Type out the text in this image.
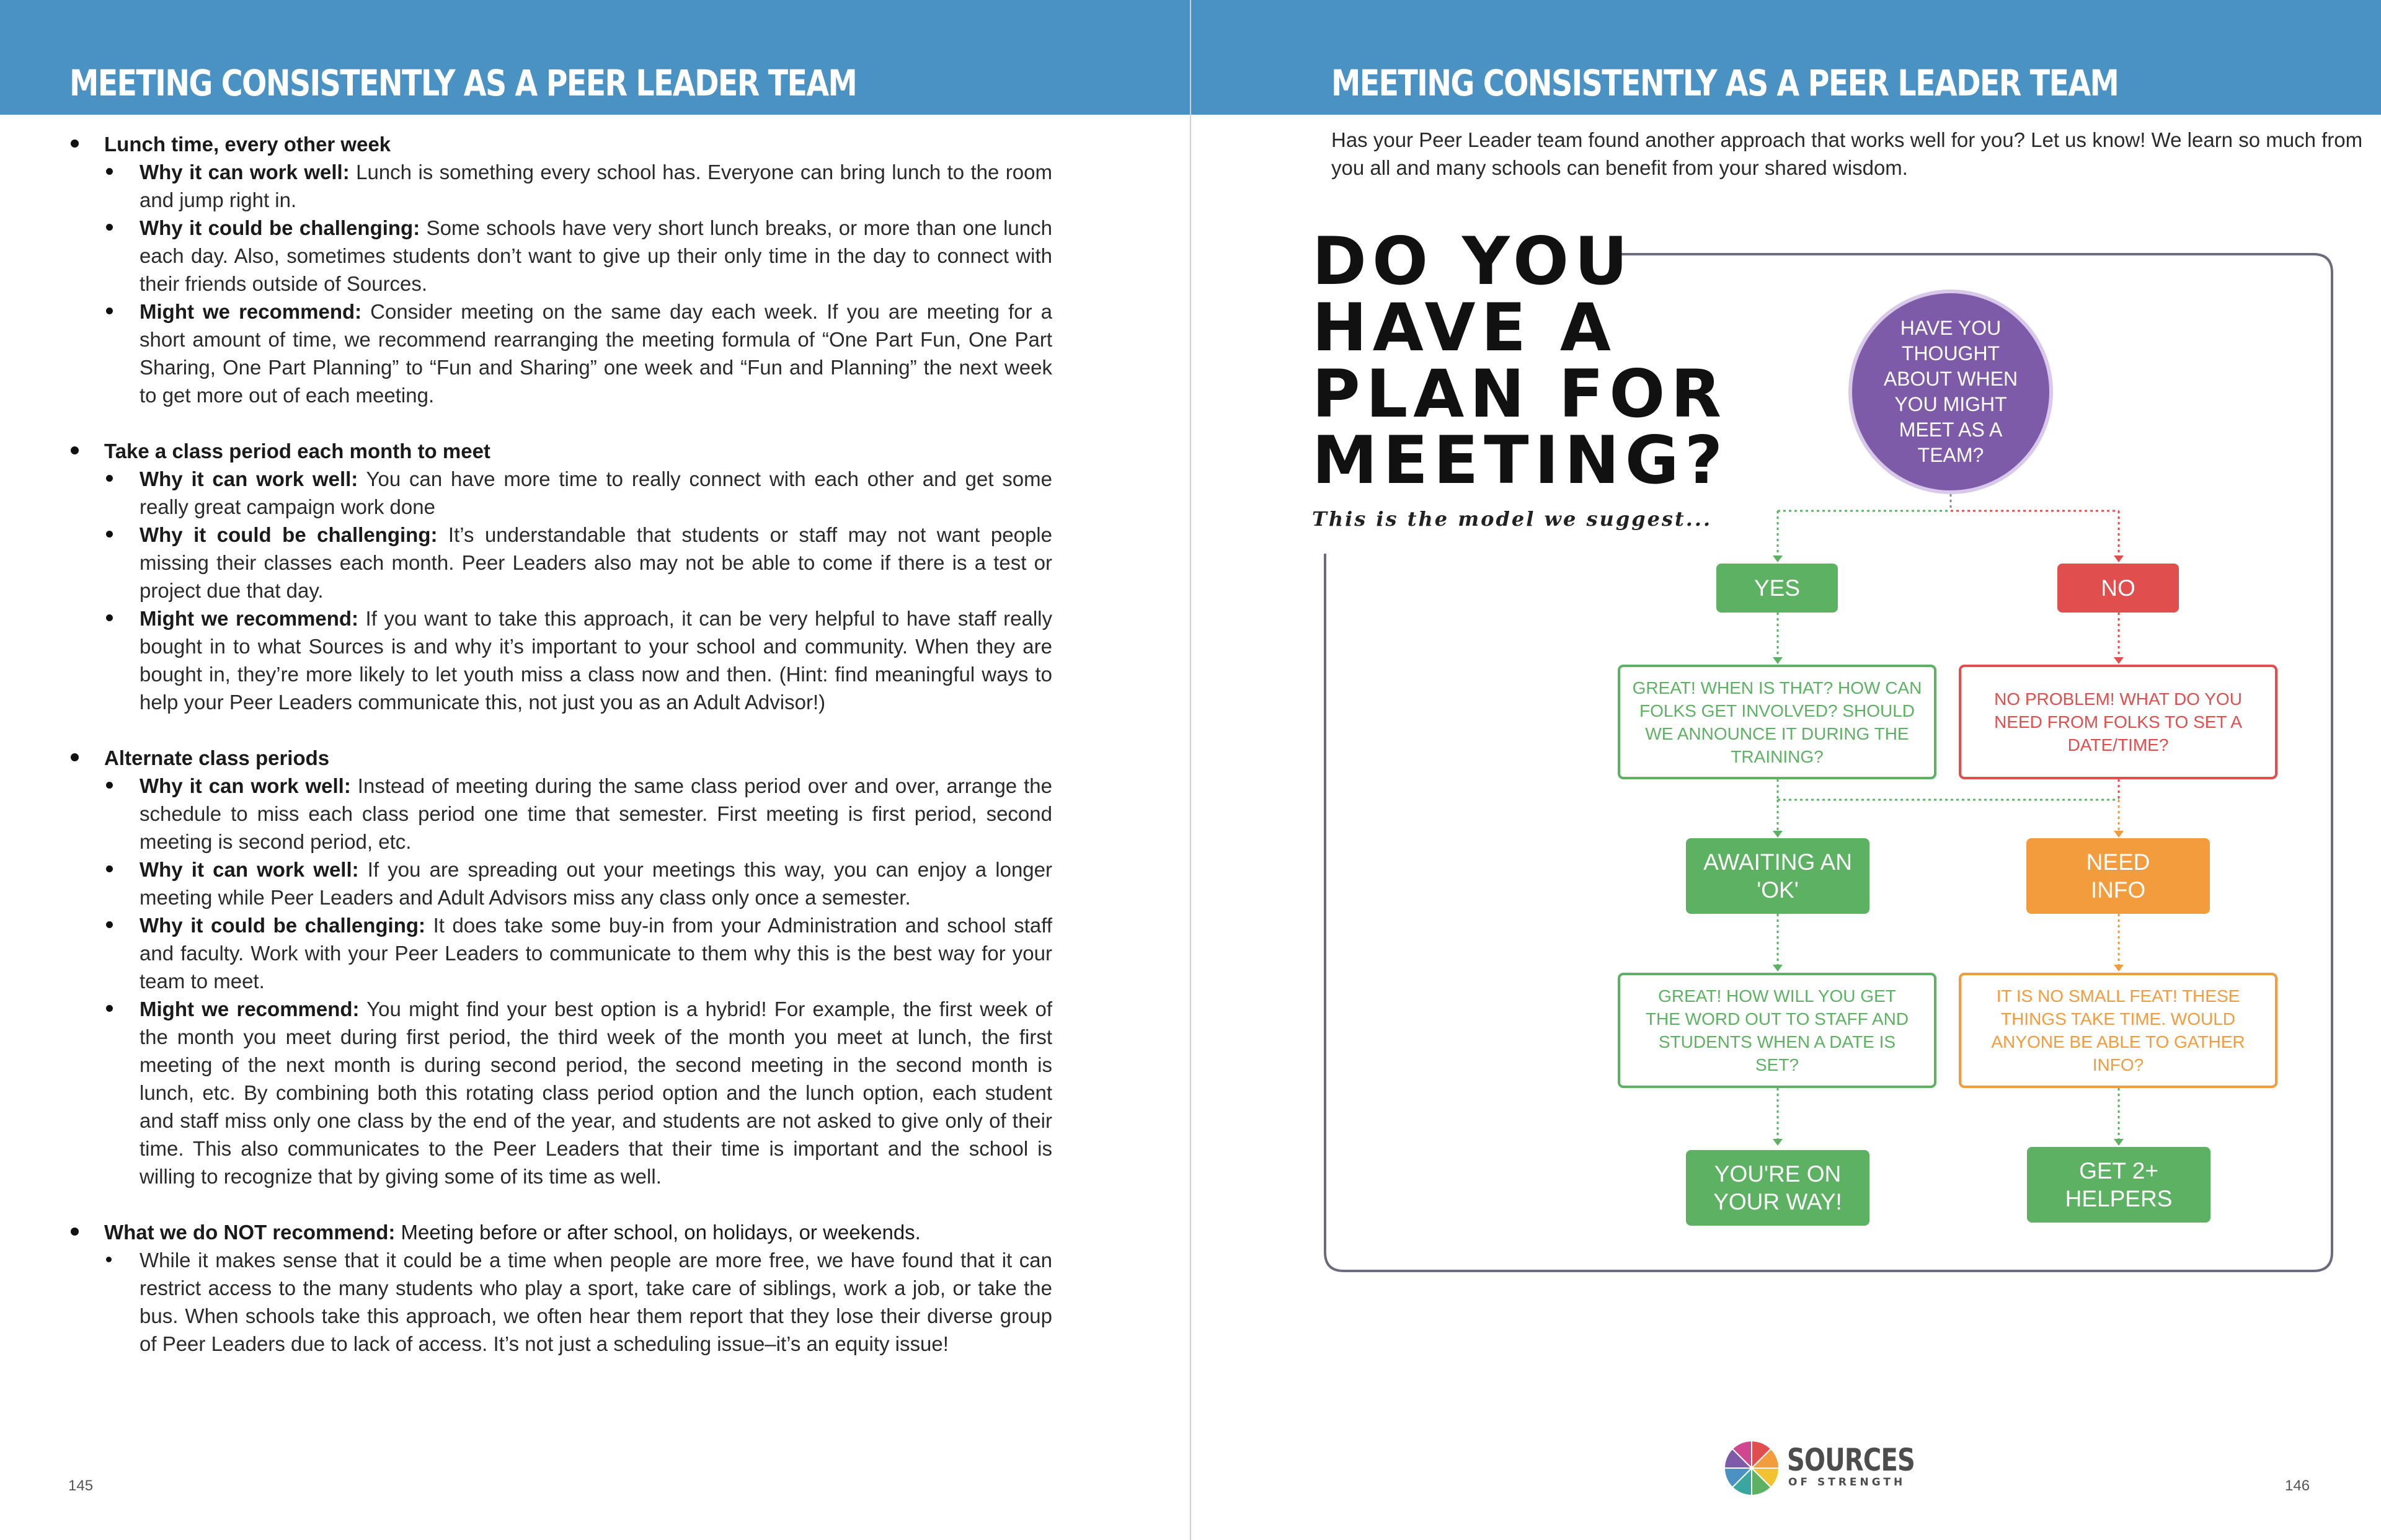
MEETING CONSISTENTLY AS A PEER LEADER TEAM
Lunch time, every other week
Why it can work well: Lunch is something every school has. Everyone can bring lunch to the room and jump right in.
Why it could be challenging: Some schools have very short lunch breaks, or more than one lunch each day. Also, sometimes students don’t want to give up their only time in the day to connect with their friends outside of Sources.
Might we recommend: Consider meeting on the same day each week. If you are meeting for a short amount of time, we recommend rearranging the meeting formula of “One Part Fun, One Part Sharing, One Part Planning” to “Fun and Sharing” one week and “Fun and Planning” the next week to get more out of each meeting.
Take a class period each month to meet
Why it can work well: You can have more time to really connect with each other and get some really great campaign work done
Why it could be challenging: It’s understandable that students or staff may not want people missing their classes each month. Peer Leaders also may not be able to come if there is a test or project due that day.
Might we recommend: If you want to take this approach, it can be very helpful to have staff really bought in to what Sources is and why it’s important to your school and community. When they are bought in, they’re more likely to let youth miss a class now and then. (Hint: find meaningful ways to help your Peer Leaders communicate this, not just you as an Adult Advisor!)
Alternate class periods
Why it can work well: Instead of meeting during the same class period over and over, arrange the schedule to miss each class period one time that semester. First meeting is first period, second meeting is second period, etc.
Why it can work well: If you are spreading out your meetings this way, you can enjoy a longer meeting while Peer Leaders and Adult Advisors miss any class only once a semester.
Why it could be challenging: It does take some buy-in from your Administration and school staff and faculty. Work with your Peer Leaders to communicate to them why this is the best way for your team to meet.
Might we recommend: You might find your best option is a hybrid! For example, the first week of the month you meet during first period, the third week of the month you meet at lunch, the first meeting of the next month is during second period, the second meeting in the second month is lunch, etc. By combining both this rotating class period option and the lunch option, each student and staff miss only one class by the end of the year, and students are not asked to give only of their time. This also communicates to the Peer Leaders that their time is important and the school is willing to recognize that by giving some of its time as well.
What we do NOT recommend: Meeting before or after school, on holidays, or weekends.
While it makes sense that it could be a time when people are more free, we have found that it can restrict access to the many students who play a sport, take care of siblings, work a job, or take the bus. When schools take this approach, we often hear them report that they lose their diverse group of Peer Leaders due to lack of access. It’s not just a scheduling issue–it’s an equity issue!
145
MEETING CONSISTENTLY AS A PEER LEADER TEAM
Has your Peer Leader team found another approach that works well for you? Let us know! We learn so much from you all and many schools can benefit from your shared wisdom.
DO YOU
HAVE A
PLAN FOR
MEETING?
This is the model we suggest...
HAVE YOU THOUGHT ABOUT WHEN YOU MIGHT MEET AS A TEAM?
YES	NO
GREAT! WHEN IS THAT? HOW CAN FOLKS GET INVOLVED? SHOULD WE ANNOUNCE IT DURING THE TRAINING?
NO PROBLEM! WHAT DO YOU NEED FROM FOLKS TO SET A DATE/TIME?
AWAITING AN 'OK'
NEED INFO
GREAT! HOW WILL YOU GET THE WORD OUT TO STAFF AND STUDENTS WHEN A DATE IS SET?
IT IS NO SMALL FEAT! THESE THINGS TAKE TIME. WOULD ANYONE BE ABLE TO GATHER INFO?
YOU'RE ON YOUR WAY!
GET 2+ HELPERS
SOURCES
OF STRENGTH	146
